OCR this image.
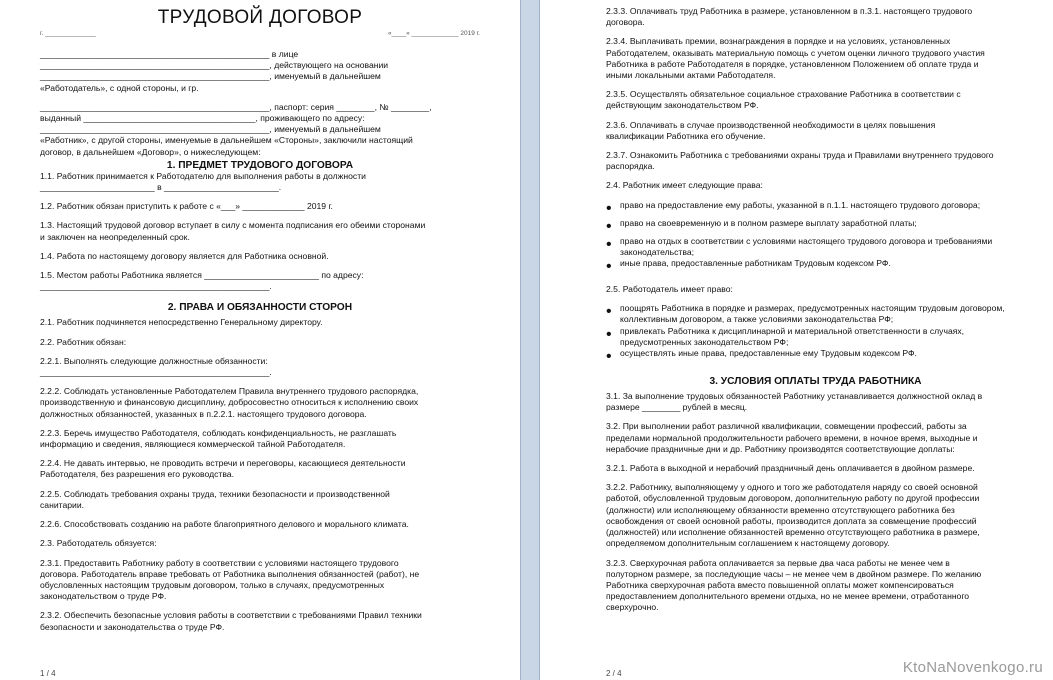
ТРУДОВОЙ ДОГОВОР
г. ______________	«____» _____________ 2019 г.

________________________________________________ в лице

________________________________________________, действующего на основании

________________________________________________, именуемый в дальнейшем

«Работодатель», с одной стороны, и гр.

________________________________________________, паспорт: серия ________, № ________,

выданный ____________________________________, проживающего по адресу:

________________________________________________, именуемый в дальнейшем

«Работник», с другой стороны, именуемые в дальнейшем «Стороны», заключили настоящий

договор, в дальнейшем «Договор», о нижеследующем:

1. ПРЕДМЕТ ТРУДОВОГО ДОГОВОРА

1.1. Работник принимается к Работодателю для выполнения работы в должности

________________________ в ________________________.

1.2. Работник обязан приступить к работе с «___» _____________ 2019 г.

1.3. Настоящий трудовой договор вступает в силу с момента подписания его обеими сторонами

и заключен на неопределенный срок.

1.4. Работа по настоящему договору является для Работника основной.

1.5. Местом работы Работника является ________________________ по адресу:

________________________________________________.

2. ПРАВА И ОБЯЗАННОСТИ СТОРОН

2.1. Работник подчиняется непосредственно Генеральному директору.

2.2. Работник обязан:

2.2.1. Выполнять следующие должностные обязанности:

________________________________________________.

2.2.2. Соблюдать установленные Работодателем Правила внутреннего трудового распорядка,

производственную и финансовую дисциплину, добросовестно относиться к исполнению своих

должностных обязанностей, указанных в п.2.2.1. настоящего трудового договора.

2.2.3. Беречь имущество Работодателя, соблюдать конфиденциальность, не разглашать

информацию и сведения, являющиеся коммерческой тайной Работодателя.

2.2.4. Не давать интервью, не проводить встречи и переговоры, касающиеся деятельности

Работодателя, без разрешения его руководства.

2.2.5. Соблюдать требования охраны труда, техники безопасности и производственной

санитарии.

2.2.6. Способствовать созданию на работе благоприятного делового и морального климата.

2.3. Работодатель обязуется:

2.3.1. Предоставить Работнику работу в соответствии с условиями настоящего трудового

договора. Работодатель вправе требовать от Работника выполнения обязанностей (работ), не

обусловленных настоящим трудовым договором, только в случаях, предусмотренных

законодательством о труде РФ.

2.3.2. Обеспечить безопасные условия работы в соответствии с требованиями Правил техники

безопасности и законодательства о труде РФ.

1 / 4

2.3.3. Оплачивать труд Работника в размере, установленном в п.3.1. настоящего трудового

договора.

2.3.4. Выплачивать премии, вознаграждения в порядке и на условиях, установленных

Работодателем, оказывать материальную помощь с учетом оценки личного трудового участия

Работника в работе Работодателя в порядке, установленном Положением об оплате труда и

иными локальными актами Работодателя.

2.3.5. Осуществлять обязательное социальное страхование Работника в соответствии с

действующим законодательством РФ.

2.3.6. Оплачивать в случае производственной необходимости в целях повышения

квалификации Работника его обучение.

2.3.7. Ознакомить Работника с требованиями охраны труда и Правилами внутреннего трудового

распорядка.

2.4. Работник имеет следующие права:

• право на предоставление ему работы, указанной в п.1.1. настоящего трудового договора;

• право на своевременную и в полном размере выплату заработной платы;

• право на отдых в соответствии с условиями настоящего трудового договора и требованиями законодательства;

• иные права, предоставленные работникам Трудовым кодексом РФ.

2.5. Работодатель имеет право:

• поощрять Работника в порядке и размерах, предусмотренных настоящим трудовым договором, коллективным договором, а также условиями законодательства РФ;

• привлекать Работника к дисциплинарной и материальной ответственности в случаях, предусмотренных законодательством РФ;

• осуществлять иные права, предоставленные ему Трудовым кодексом РФ.

3. УСЛОВИЯ ОПЛАТЫ ТРУДА РАБОТНИКА

3.1. За выполнение трудовых обязанностей Работнику устанавливается должностной оклад в

размере ________ рублей в месяц.

3.2. При выполнении работ различной квалификации, совмещении профессий, работы за

пределами нормальной продолжительности рабочего времени, в ночное время, выходные и

нерабочие праздничные дни и др. Работнику производятся соответствующие доплаты:

3.2.1. Работа в выходной и нерабочий праздничный день оплачивается в двойном размере.

3.2.2. Работнику, выполняющему у одного и того же работодателя наряду со своей основной

работой, обусловленной трудовым договором, дополнительную работу по другой профессии

(должности) или исполняющему обязанности временно отсутствующего работника без

освобождения от своей основной работы, производится доплата за совмещение профессий

(должностей) или исполнение обязанностей временно отсутствующего работника в размере,

определяемом дополнительным соглашением к настоящему договору.

3.2.3. Сверхурочная работа оплачивается за первые два часа работы не менее чем в

полуторном размере, за последующие часы – не менее чем в двойном размере. По желанию

Работника сверхурочная работа вместо повышенной оплаты может компенсироваться

предоставлением дополнительного времени отдыха, но не менее времени, отработанного

сверхурочно.

2 / 4	KtoNaNovenkogo.ru
